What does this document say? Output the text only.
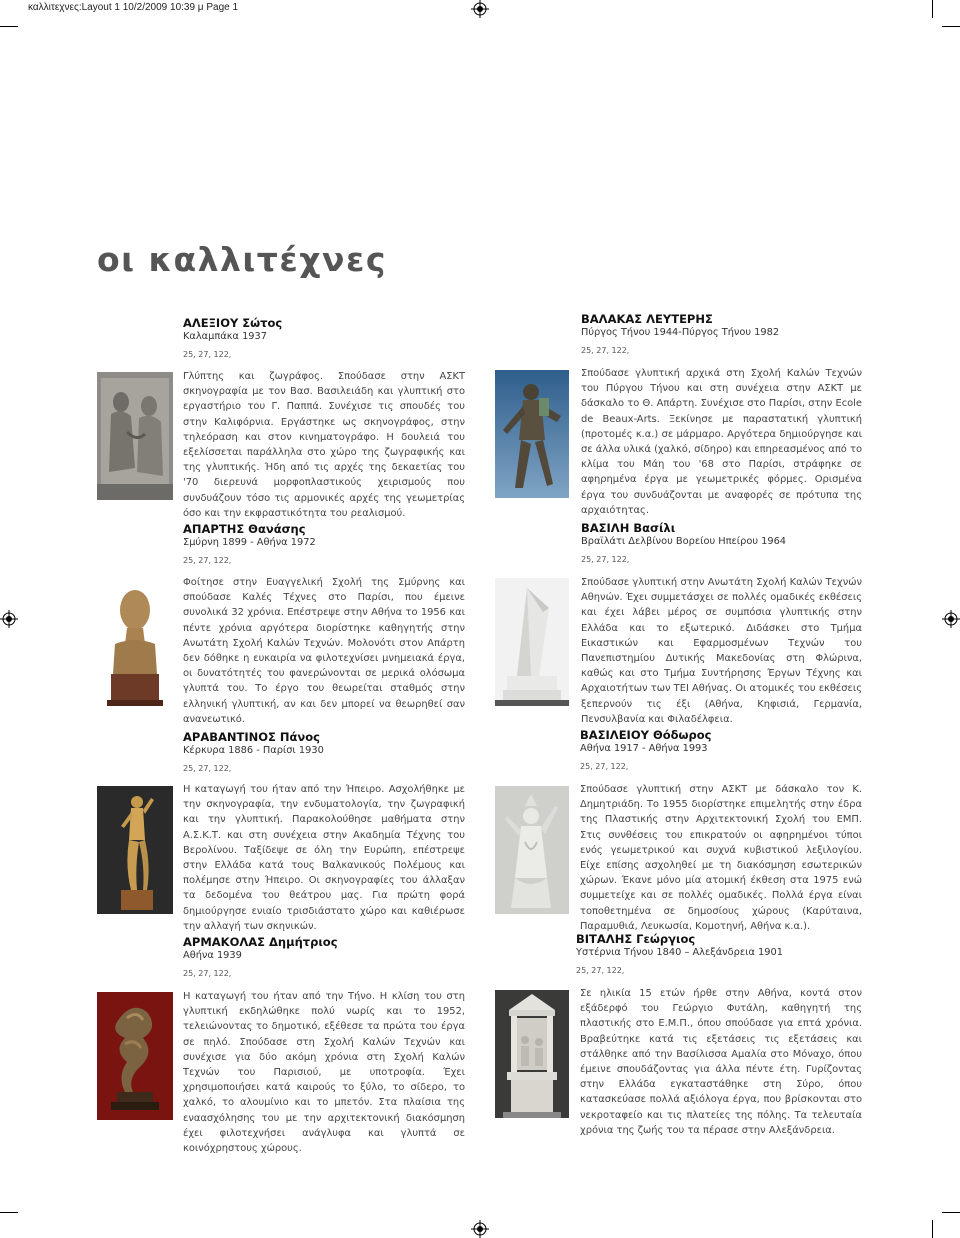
καλλιτεχνες:Layout 1 10/2/2009 10:39 μ Page 1
οι καλλιτέχνες
ΑΛΕΞΙΟΥ Σώτος
Καλαμπάκα 1937
25, 27, 122,

Γλύπτης και ζωγράφος. Σπούδασε στην ΑΣΚΤ σκηνογραφία με τον Βασ. Βασιλειάδη και γλυπτική στο εργαστήριο του Γ. Παππά. Συνέχισε τις σπουδές του στην Καλιφόρνια. Εργάστηκε ως σκηνογράφος, στην τηλεόραση και στον κινηματογράφο. Η δουλειά του εξελίσσεται παράλληλα στο χώρο της ζωγραφικής και της γλυπτικής. Ήδη από τις αρχές της δεκαετίας του '70 διερευνά μορφοπλαστικούς χειρισμούς που συνδυάζουν τόσο τις αρμονικές αρχές της γεωμετρίας όσο και την εκφραστικότητα του ρεαλισμού.

ΒΑΛΑΚΑΣ ΛΕΥΤΕΡΗΣ
Πύργος Τήνου 1944-Πύργος Τήνου 1982
25, 27, 122,

Σπούδασε γλυπτική αρχικά στη Σχολή Καλών Τεχνών του Πύργου Τήνου και στη συνέχεια στην ΑΣΚΤ με δάσκαλο το Θ. Απάρτη. Συνέχισε στο Παρίσι, στην Ecole de Beaux-Arts. Ξεκίνησε με παραστατική γλυπτική (προτομές κ.α.) σε μάρμαρο. Αργότερα δημιούργησε και σε άλλα υλικά (χαλκό, σίδηρο) και επηρεασμένος από το κλίμα του Μάη του '68 στο Παρίσι, στράφηκε σε αφηρημένα έργα με γεωμετρικές φόρμες. Ορισμένα έργα του συνδυάζονται με αναφορές σε πρότυπα της αρχαιότητας.

ΑΠΑΡΤΗΣ Θανάσης
Σμύρνη 1899 - Αθήνα 1972
25, 27, 122,

Φοίτησε στην Ευαγγελική Σχολή της Σμύρνης και σπούδασε Καλές Τέχνες στο Παρίσι, που έμεινε συνολικά 32 χρόνια. Επέστρεψε στην Αθήνα το 1956 και πέντε χρόνια αργότερα διορίστηκε καθηγητής στην Ανωτάτη Σχολή Καλών Τεχνών. Μολονότι στον Απάρτη δεν δόθηκε η ευκαιρία να φιλοτεχνίσει μνημειακά έργα, οι δυνατότητές του φανερώνονται σε μερικά ολόσωμα γλυπτά του. Το έργο του θεωρείται σταθμός στην ελληνική γλυπτική, αν και δεν μπορεί να θεωρηθεί σαν ανανεωτικό.

ΒΑΣΙΛΗ Βασίλι
Βραϊλάτι Δελβίνου Βορείου Ηπείρου 1964
25, 27, 122,

Σπούδασε γλυπτική στην Ανωτάτη Σχολή Καλών Τεχνών Αθηνών. Έχει συμμετάσχει σε πολλές ομαδικές εκθέσεις και έχει λάβει μέρος σε συμπόσια γλυπτικής στην Ελλάδα και το εξωτερικό. Διδάσκει στο Τμήμα Εικαστικών και Εφαρμοσμένων Τεχνών του Πανεπιστημίου Δυτικής Μακεδονίας στη Φλώρινα, καθώς και στο Τμήμα Συντήρησης Έργων Τέχνης και Αρχαιοτήτων των ΤΕΙ Αθήνας. Οι ατομικές του εκθέσεις ξεπερνούν τις έξι (Αθήνα, Κηφισιά, Γερμανία, Πενσυλβανία και Φιλαδέλφεια.

ΑΡΑΒΑΝΤΙΝΟΣ Πάνος
Κέρκυρα 1886 - Παρίσι 1930
25, 27, 122,

Η καταγωγή του ήταν από την Ήπειρο. Ασχολήθηκε με την σκηνογραφία, την ενδυματολογία, την ζωγραφική και την γλυπτική. Παρακολούθησε μαθήματα στην Α.Σ.Κ.Τ. και στη συνέχεια στην Ακαδημία Τέχνης του Βερολίνου. Ταξίδεψε σε όλη την Ευρώπη, επέστρεψε στην Ελλάδα κατά τους Βαλκανικούς Πολέμους και πολέμησε στην Ήπειρο. Οι σκηνογραφίες του άλλαξαν τα δεδομένα του θεάτρου μας. Για πρώτη φορά δημιούργησε ενιαίο τρισδιάστατο χώρο και καθιέρωσε την αλλαγή των σκηνικών.

ΒΑΣΙΛΕΙΟΥ Θόδωρος
Αθήνα 1917 - Αθήνα 1993
25, 27, 122,

Σπούδασε γλυπτική στην ΑΣΚΤ με δάσκαλο τον Κ. Δημητριάδη. Το 1955 διορίστηκε επιμελητής στην έδρα της Πλαστικής στην Αρχιτεκτονική Σχολή του ΕΜΠ. Στις συνθέσεις του επικρατούν οι αφηρημένοι τύποι ενός γεωμετρικού και συχνά κυβιστικού λεξιλογίου. Είχε επίσης ασχοληθεί με τη διακόσμηση εσωτερικών χώρων. Έκανε μόνο μία ατομική έκθεση στα 1975 ενώ συμμετείχε και σε πολλές ομαδικές. Πολλά έργα είναι τοποθετημένα σε δημοσίους χώρους (Καρύταινα, Παραμυθιά, Λευκωσία, Κομοτηνή, Αθήνα κ.α.).

ΑΡΜΑΚΟΛΑΣ Δημήτριος
Αθήνα 1939
25, 27, 122,

Η καταγωγή του ήταν από την Τήνο. Η κλίση του στη γλυπτική εκδηλώθηκε πολύ νωρίς και το 1952, τελειώνοντας το δημοτικό, εξέθεσε τα πρώτα του έργα σε πηλό. Σπούδασε στη Σχολή Καλών Τεχνών και συνέχισε για δύο ακόμη χρόνια στη Σχολή Καλών Τεχνών του Παρισιού, με υποτροφία. Έχει χρησιμοποιήσει κατά καιρούς το ξύλο, το σίδερο, το χαλκό, το αλουμίνιο και το μπετόν. Στα πλαίσια της εναασχόλησης του με την αρχιτεκτονική διακόσμηση έχει φιλοτεχνήσει ανάγλυφα και γλυπτά σε κοινόχρηστους χώρους.

ΒΙΤΑΛΗΣ Γεώργιος
Υστέρνια Τήνου 1840 – Αλεξάνδρεια 1901
25, 27, 122,

Σε ηλικία 15 ετών ήρθε στην Αθήνα, κοντά στον εξάδερφό του Γεώργιο Φυτάλη, καθηγητή της πλαστικής στο Ε.Μ.Π., όπου σπούδασε για επτά χρόνια. Βραβεύτηκε κατά τις εξετάσεις τις εξετάσεις και στάλθηκε από την Βασίλισσα Αμαλία στο Μόναχο, όπου έμεινε σπουδάζοντας για άλλα πέντε έτη. Γυρίζοντας στην Ελλάδα εγκαταστάθηκε στη Σύρο, όπου κατασκεύασε πολλά αξιόλογα έργα, που βρίσκονται στο νεκροταφείο και τις πλατείες της πόλης. Τα τελευταία χρόνια της ζωής του τα πέρασε στην Αλεξάνδρεια.
